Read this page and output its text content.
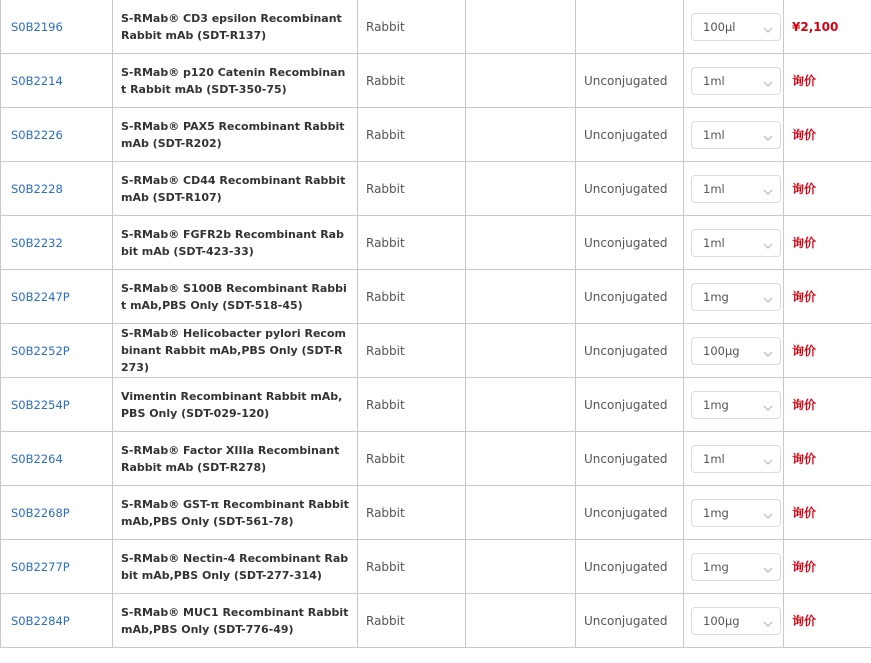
S0B2196	S-RMab® CD3 epsilon Recombinant Rabbit mAb (SDT-R137)	Rabbit			100μl	¥2,100
S0B2214	S-RMab® p120 Catenin Recombinant Rabbit mAb (SDT-350-75)	Rabbit		Unconjugated	1ml	询价
S0B2226	S-RMab® PAX5 Recombinant Rabbit mAb (SDT-R202)	Rabbit		Unconjugated	1ml	询价
S0B2228	S-RMab® CD44 Recombinant Rabbit mAb (SDT-R107)	Rabbit		Unconjugated	1ml	询价
S0B2232	S-RMab® FGFR2b Recombinant Rabbit mAb (SDT-423-33)	Rabbit		Unconjugated	1ml	询价
S0B2247P	S-RMab® S100B Recombinant Rabbit mAb,PBS Only (SDT-518-45)	Rabbit		Unconjugated	1mg	询价
S0B2252P	S-RMab® Helicobacter pylori Recombinant Rabbit mAb,PBS Only (SDT-R273)	Rabbit		Unconjugated	100μg	询价
S0B2254P	Vimentin Recombinant Rabbit mAb,PBS Only (SDT-029-120)	Rabbit		Unconjugated	1mg	询价
S0B2264	S-RMab® Factor XIIIa Recombinant Rabbit mAb (SDT-R278)	Rabbit		Unconjugated	1ml	询价
S0B2268P	S-RMab® GST-π Recombinant Rabbit mAb,PBS Only (SDT-561-78)	Rabbit		Unconjugated	1mg	询价
S0B2277P	S-RMab® Nectin-4 Recombinant Rabbit mAb,PBS Only (SDT-277-314)	Rabbit		Unconjugated	1mg	询价
S0B2284P	S-RMab® MUC1 Recombinant Rabbit mAb,PBS Only (SDT-776-49)	Rabbit		Unconjugated	100μg	询价
